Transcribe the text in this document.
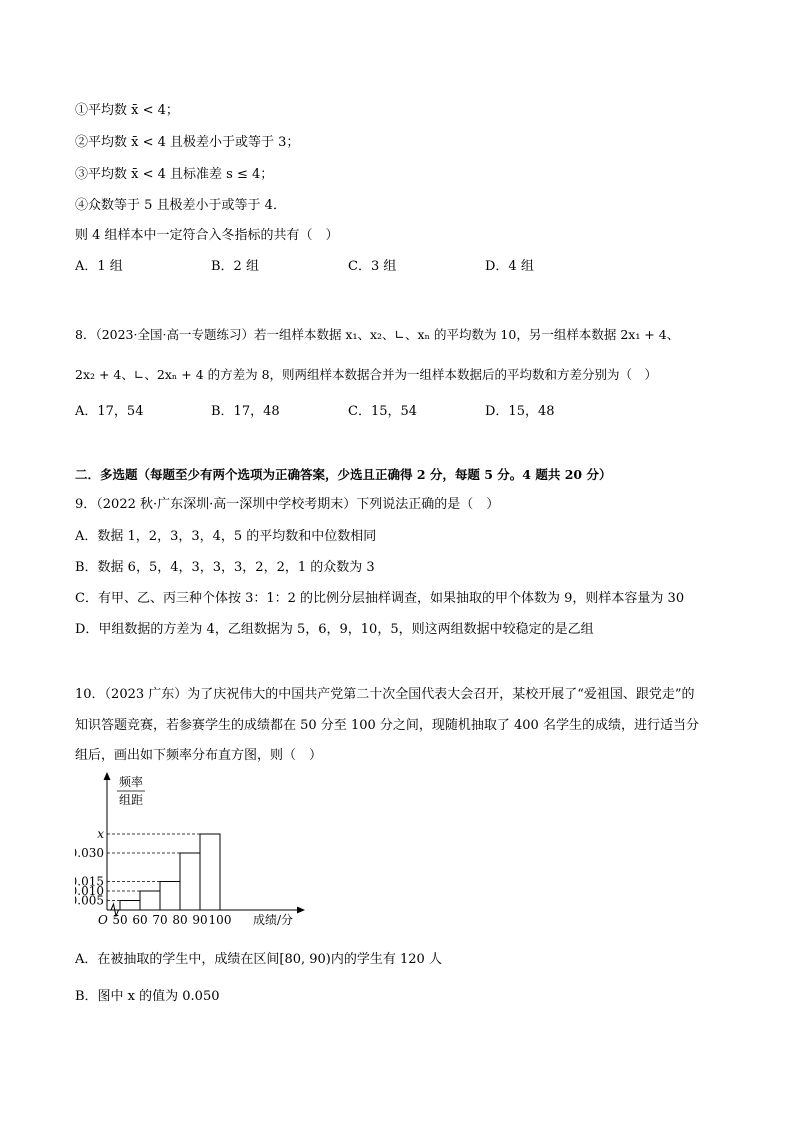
①平均数 x̄ < 4；
②平均数 x̄ < 4 且极差小于或等于 3；
③平均数 x̄ < 4 且标准差 s ≤ 4；
④众数等于 5 且极差小于或等于 4．
则 4 组样本中一定符合入冬指标的共有（　）
A．1 组	B．2 组	C．3 组	D．4 组
8．（2023·全国·高一专题练习）若一组样本数据 x₁、x₂、∟、xₙ 的平均数为 10，另一组样本数据 2x₁ + 4、
2x₂ + 4、∟、2xₙ + 4 的方差为 8，则两组样本数据合并为一组样本数据后的平均数和方差分别为（　）
A．17，54	B．17，48	C．15，54	D．15，48
二．多选题（每题至少有两个选项为正确答案，少选且正确得 2 分，每题 5 分。4 题共 20 分）
9．（2022 秋·广东深圳·高一深圳中学校考期末）下列说法正确的是（　）
A．数据 1，2，3，3，4，5 的平均数和中位数相同
B．数据 6，5，4，3，3，3，2，2，1 的众数为 3
C．有甲、乙、丙三种个体按 3：1：2 的比例分层抽样调查，如果抽取的甲个体数为 9，则样本容量为 30
D．甲组数据的方差为 4，乙组数据为 5，6，9，10，5，则这两组数据中较稳定的是乙组
10．（2023 广东）为了庆祝伟大的中国共产党第二十次全国代表大会召开，某校开展了“爱祖国、跟党走”的
知识答题竞赛，若参赛学生的成绩都在 50 分至 100 分之间，现随机抽取了 400 名学生的成绩，进行适当分
组后，画出如下频率分布直方图，则（　）
频率
组距
.005
.010
.015
.030
x
50 60 70 80 90 100
O	成绩/分
A．在被抽取的学生中，成绩在区间[80, 90)内的学生有 120 人
B．图中 x 的值为 0.050
